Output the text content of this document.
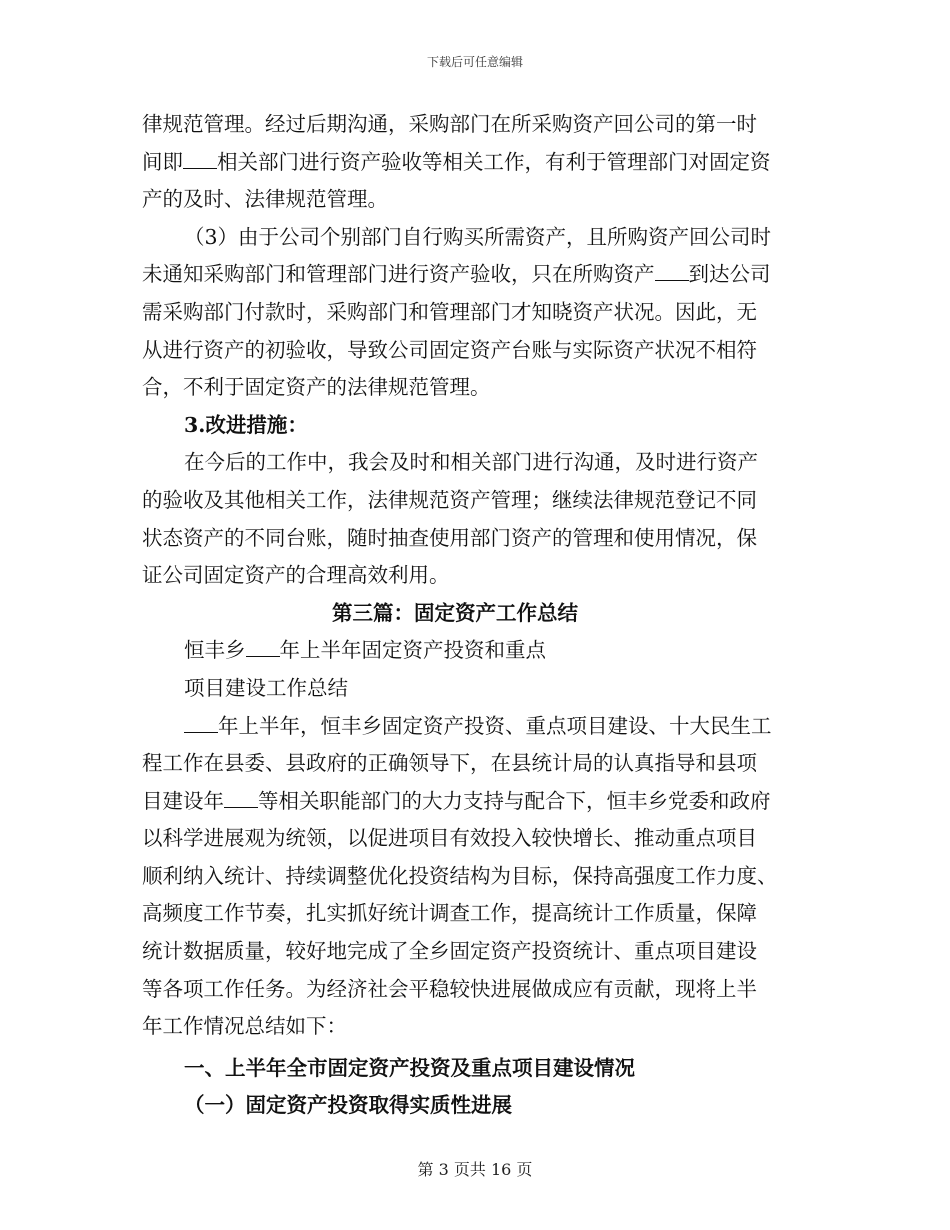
下载后可任意编辑
律规范管理。经过后期沟通，采购部门在所采购资产回公司的第一时
间即 相关部门进行资产验收等相关工作，有利于管理部门对固定资
产的及时、法律规范管理。
（3）由于公司个别部门自行购买所需资产，且所购资产回公司时
未通知采购部门和管理部门进行资产验收，只在所购资产 到达公司
需采购部门付款时，采购部门和管理部门才知晓资产状况。因此，无
从进行资产的初验收，导致公司固定资产台账与实际资产状况不相符
合，不利于固定资产的法律规范管理。
3.改进措施：
在今后的工作中，我会及时和相关部门进行沟通，及时进行资产
的验收及其他相关工作，法律规范资产管理；继续法律规范登记不同
状态资产的不同台账，随时抽查使用部门资产的管理和使用情况，保
证公司固定资产的合理高效利用。
第三篇：固定资产工作总结
恒丰乡 年上半年固定资产投资和重点
项目建设工作总结
年上半年，恒丰乡固定资产投资、重点项目建设、十大民生工
程工作在县委、县政府的正确领导下，在县统计局的认真指导和县项
目建设年 等相关职能部门的大力支持与配合下，恒丰乡党委和政府
以科学进展观为统领，以促进项目有效投入较快增长、推动重点项目
顺利纳入统计、持续调整优化投资结构为目标，保持高强度工作力度、
高频度工作节奏，扎实抓好统计调查工作，提高统计工作质量，保障
统计数据质量，较好地完成了全乡固定资产投资统计、重点项目建设
等各项工作任务。为经济社会平稳较快进展做成应有贡献，现将上半
年工作情况总结如下：
一、上半年全市固定资产投资及重点项目建设情况
（一）固定资产投资取得实质性进展
第 3 页共 16 页
